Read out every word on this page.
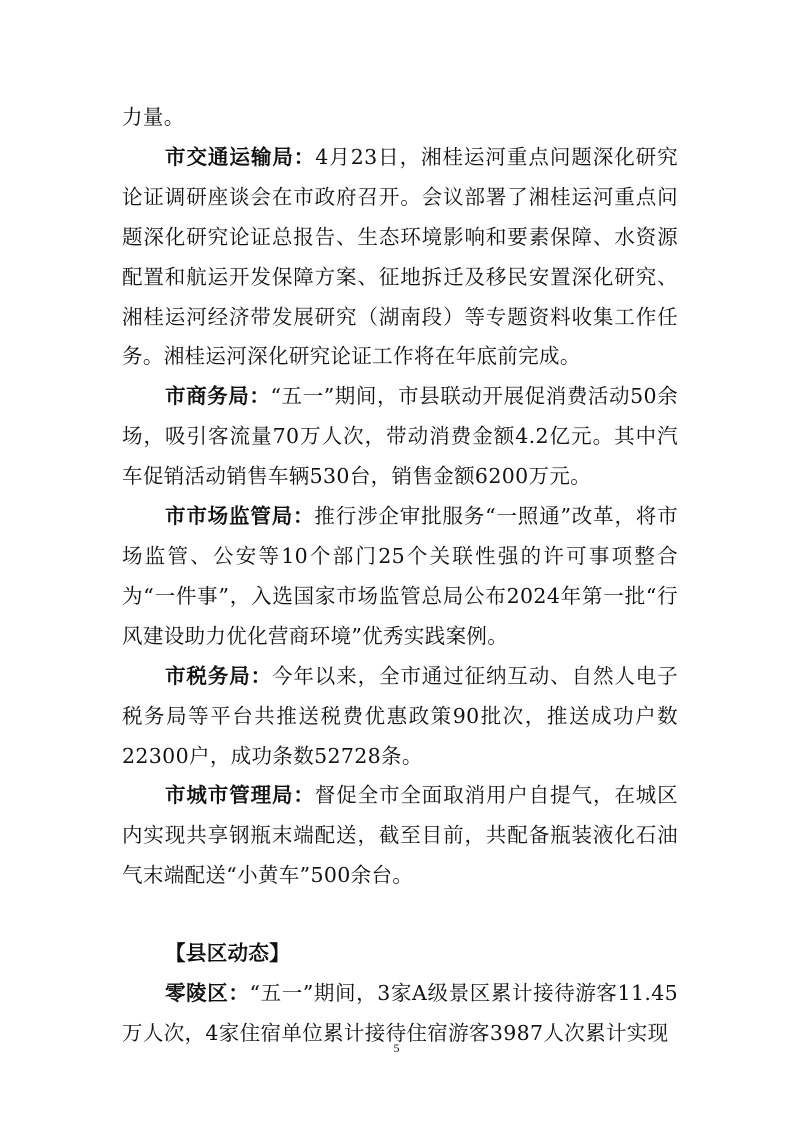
力量。

市交通运输局：4月23日，湘桂运河重点问题深化研究论证调研座谈会在市政府召开。会议部署了湘桂运河重点问题深化研究论证总报告、生态环境影响和要素保障、水资源配置和航运开发保障方案、征地拆迁及移民安置深化研究、湘桂运河经济带发展研究（湖南段）等专题资料收集工作任务。湘桂运河深化研究论证工作将在年底前完成。

市商务局：“五一”期间，市县联动开展促消费活动50余场，吸引客流量70万人次，带动消费金额4.2亿元。其中汽车促销活动销售车辆530台，销售金额6200万元。

市市场监管局：推行涉企审批服务“一照通”改革，将市场监管、公安等10个部门25个关联性强的许可事项整合为“一件事”，入选国家市场监管总局公布2024年第一批“行风建设助力优化营商环境”优秀实践案例。

市税务局：今年以来，全市通过征纳互动、自然人电子税务局等平台共推送税费优惠政策90批次，推送成功户数22300户，成功条数52728条。

市城市管理局：督促全市全面取消用户自提气，在城区内实现共享钢瓶末端配送，截至目前，共配备瓶装液化石油气末端配送“小黄车”500余台。

【县区动态】

零陵区：“五一”期间，3家A级景区累计接待游客11.45万人次，4家住宿单位累计接待住宿游客3987人次累计实现

5
